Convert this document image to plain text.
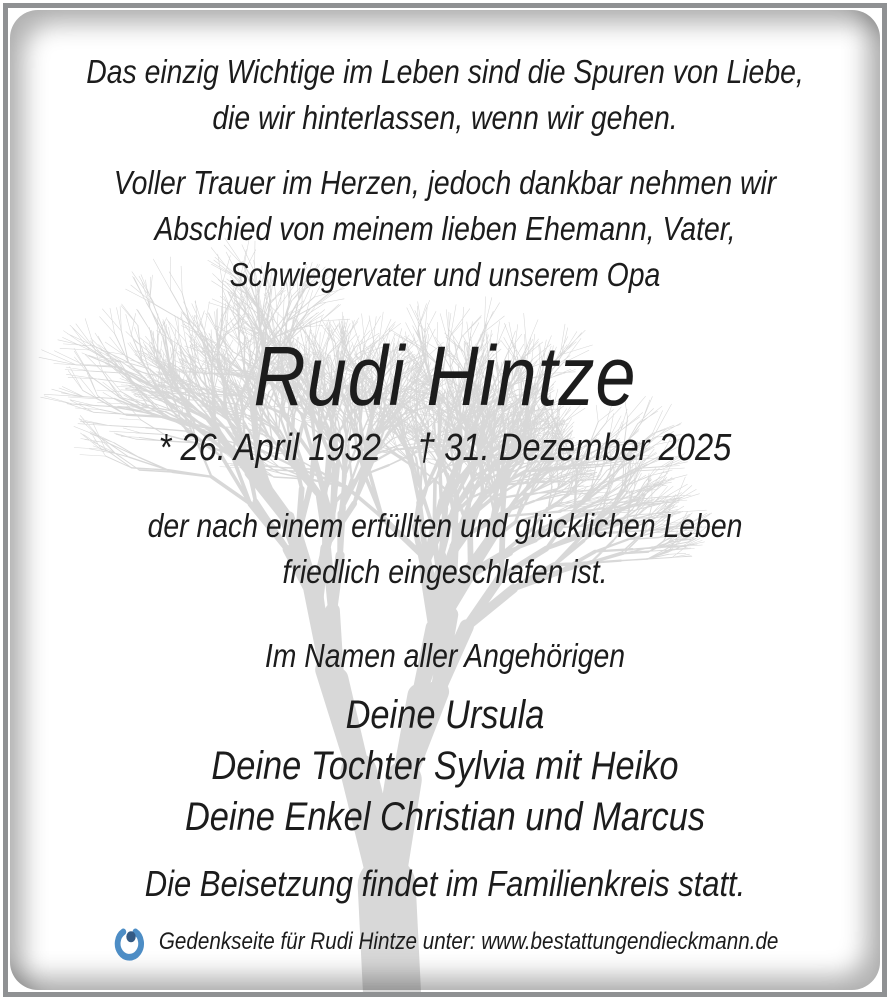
Das einzig Wichtige im Leben sind die Spuren von Liebe,
die wir hinterlassen, wenn wir gehen.
Voller Trauer im Herzen, jedoch dankbar nehmen wir
Abschied von meinem lieben Ehemann, Vater,
Schwiegervater und unserem Opa
Rudi Hintze
* 26. April 1932 † 31. Dezember 2025
der nach einem erfüllten und glücklichen Leben
friedlich eingeschlafen ist.
Im Namen aller Angehörigen
Deine Ursula
Deine Tochter Sylvia mit Heiko
Deine Enkel Christian und Marcus
Die Beisetzung findet im Familienkreis statt.
Gedenkseite für Rudi Hintze unter: www.bestattungendieckmann.de
